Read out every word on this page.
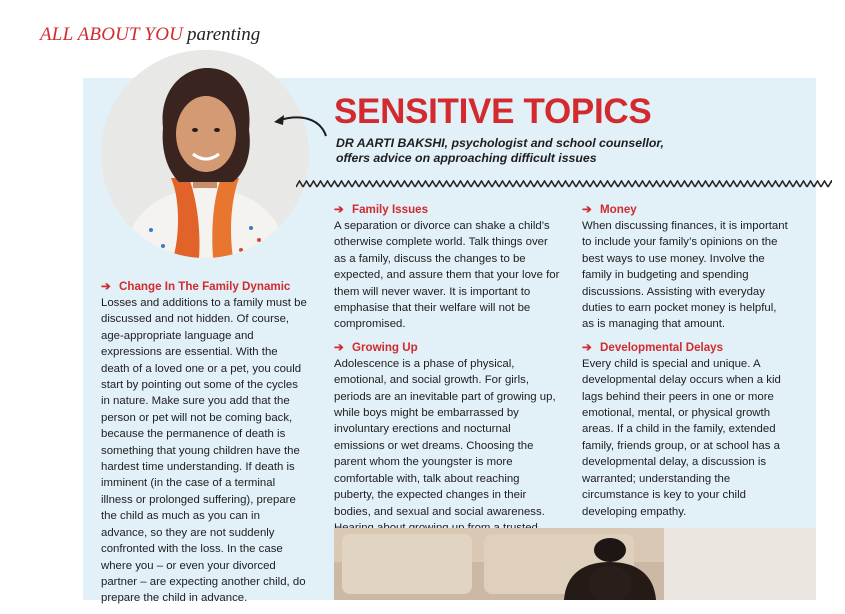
ALL ABOUT YOU parenting
SENSITIVE TOPICS
DR AARTI BAKSHI, psychologist and school counsellor, offers advice on approaching difficult issues

➔ Change In The Family Dynamic

Losses and additions to a family must be discussed and not hidden. Of course, age-appropriate language and expressions are essential. With the death of a loved one or a pet, you could start by pointing out some of the cycles in nature. Make sure you add that the person or pet will not be coming back, because the permanence of death is something that young children have the hardest time understanding. If death is imminent (in the case of a terminal illness or prolonged suffering), prepare the child as much as you can in advance, so they are not suddenly confronted with the loss. In the case where you – or even your divorced partner – are expecting another child, do prepare the child in advance.

➔ Family Issues

A separation or divorce can shake a child’s otherwise complete world. Talk things over as a family, discuss the changes to be expected, and assure them that your love for them will never waver. It is important to emphasise that their welfare will not be compromised.

➔ Growing Up

Adolescence is a phase of physical, emotional, and social growth. For girls, periods are an inevitable part of growing up, while boys might be embarrassed by involuntary erections and nocturnal emissions or wet dreams. Choosing the parent whom the youngster is more comfortable with, talk about reaching puberty, the expected changes in their bodies, and sexual and social awareness.

➔ Money

When discussing finances, it is important to include your family’s opinions on the best ways to use money. Involve the family in budgeting and spending discussions. Assisting with everyday duties to earn pocket money is helpful, as is managing that amount.

➔ Developmental Delays

Every child is special and unique. A developmental delay occurs when a kid lags behind their peers in one or more emotional, mental, or physical growth areas. If a child in the family, extended family, friends group, or at school has a developmental delay, a discussion is warranted; understanding the circumstance is key to your child developing empathy.
